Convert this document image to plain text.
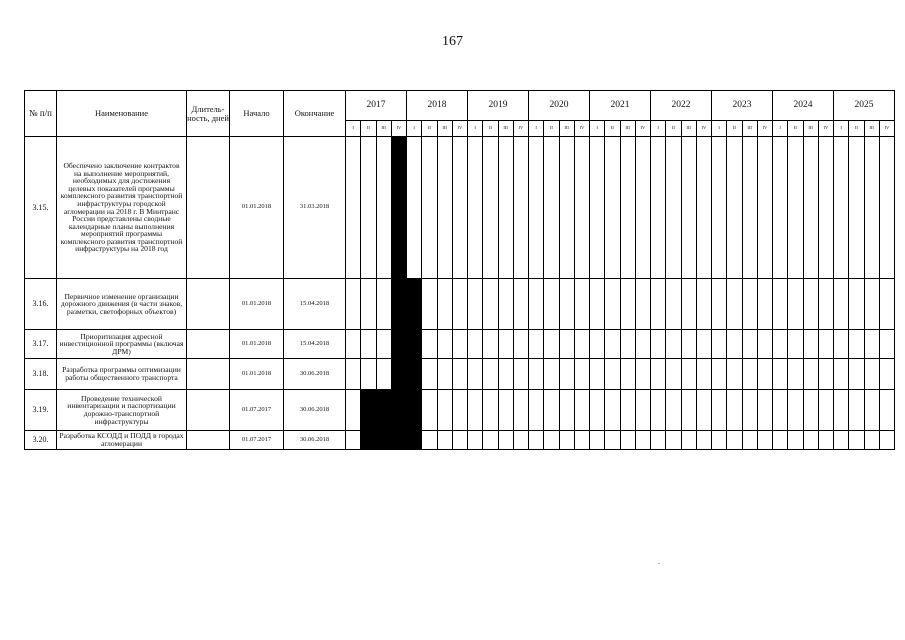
167
№ п/п	Наименование	Длитель-ность, дней	Начало	Окончание	2017				2018				2019				2020				2021				2022				2023				2024				2025			
					I	II	III	IV	I	II	III	IV	I	II	III	IV	I	II	III	IV	I	II	III	IV	I	II	III	IV	I	II	III	IV	I	II	III	IV	I	II	III	IV
3.15.	Обеспечено заключение контрактов на выполнение мероприятий, необходимых для достижения целевых показателей программы комплексного развития транспортной инфраструктуры городской агломерации на 2018 г. В Минтранс России представлены сводные календарные планы выполнения мероприятий программы комплексного развития транспортной инфраструктуры на 2018 год		01.01.2018	31.03.2018																																				
3.16.	Первичное изменение организации дорожного движения (в части знаков, разметки, светофорных объектов)		01.01.2018	15.04.2018																																				
3.17.	Приоритизация адресной инвестиционной программы (включая ДРМ)		01.01.2018	15.04.2018																																				
3.18.	Разработка программы оптимизации работы общественного транспорта		01.01.2018	30.06.2018																																				
3.19.	Проведение технической инвентаризации и паспортизации дорожно-транспортной инфраструктуры		01.07.2017	30.06.2018																																				
3.20.	Разработка КСОДД и ПОДД в городах агломерации		01.07.2017	30.06.2018																																				
